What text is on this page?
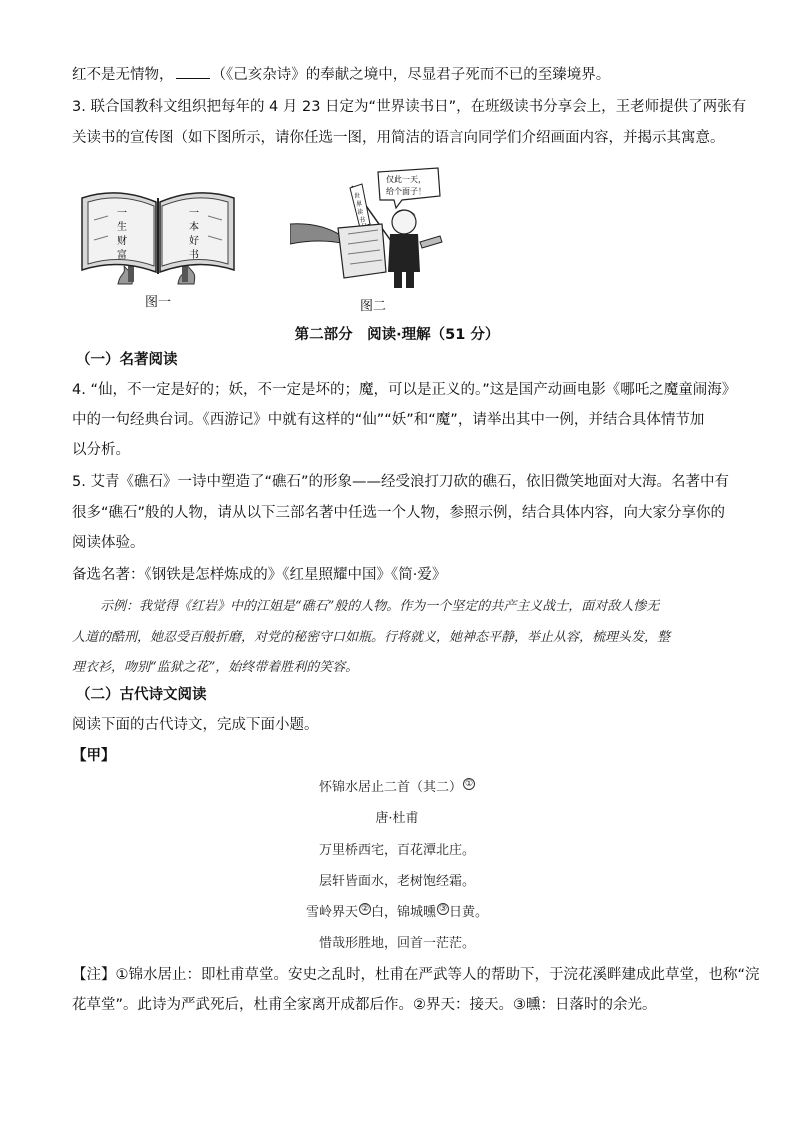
红不是无情物，	（《己亥杂诗》的奉献之境中，尽显君子死而不已的至臻境界。
3. 联合国教科文组织把每年的 4 月 23 日定为“世界读书日”，在班级读书分享会上，王老师提供了两张有
关读书的宣传图（如下图所示，请你任选一图，用简洁的语言向同学们介绍画面内容，并揭示其寓意。
一
生
财
富
一
本
好
书
图一
仅此一天，
给个面子！
世
界
读
书
图二
第二部分　阅读·理解（51 分）
（一）名著阅读
4. “仙，不一定是好的；妖，不一定是坏的；魔，可以是正义的。”这是国产动画电影《哪吒之魔童闹海》
中的一句经典台词。《西游记》中就有这样的“仙”“妖”和“魔”，请举出其中一例，并结合具体情节加
以分析。
5. 艾青《礁石》一诗中塑造了“礁石”的形象——经受浪打刀砍的礁石，依旧微笑地面对大海。名著中有
很多“礁石”般的人物，请从以下三部名著中任选一个人物，参照示例，结合具体内容，向大家分享你的
阅读体验。
备选名著：《钢铁是怎样炼成的》《红星照耀中国》《简·爱》
示例：我觉得《红岩》中的江姐是“礁石”般的人物。作为一个坚定的共产主义战士，面对敌人惨无
人道的酷刑，她忍受百般折磨，对党的秘密守口如瓶。行将就义，她神态平静，举止从容，梳理头发，整
理衣衫，吻别“监狱之花”，始终带着胜利的笑容。
（二）古代诗文阅读
阅读下面的古代诗文，完成下面小题。
【甲】
怀锦水居止二首（其二） ①
唐·杜甫
万里桥西宅，百花潭北庄。
层轩皆面水，老树饱经霜。
雪岭界天 ② 白，锦城曛 ③ 日黄。
惜哉形胜地，回首一茫茫。
【注】①锦水居止：即杜甫草堂。安史之乱时，杜甫在严武等人的帮助下，于浣花溪畔建成此草堂，也称“浣
花草堂”。此诗为严武死后，杜甫全家离开成都后作。②界天：接天。③曛：日落时的余光。
